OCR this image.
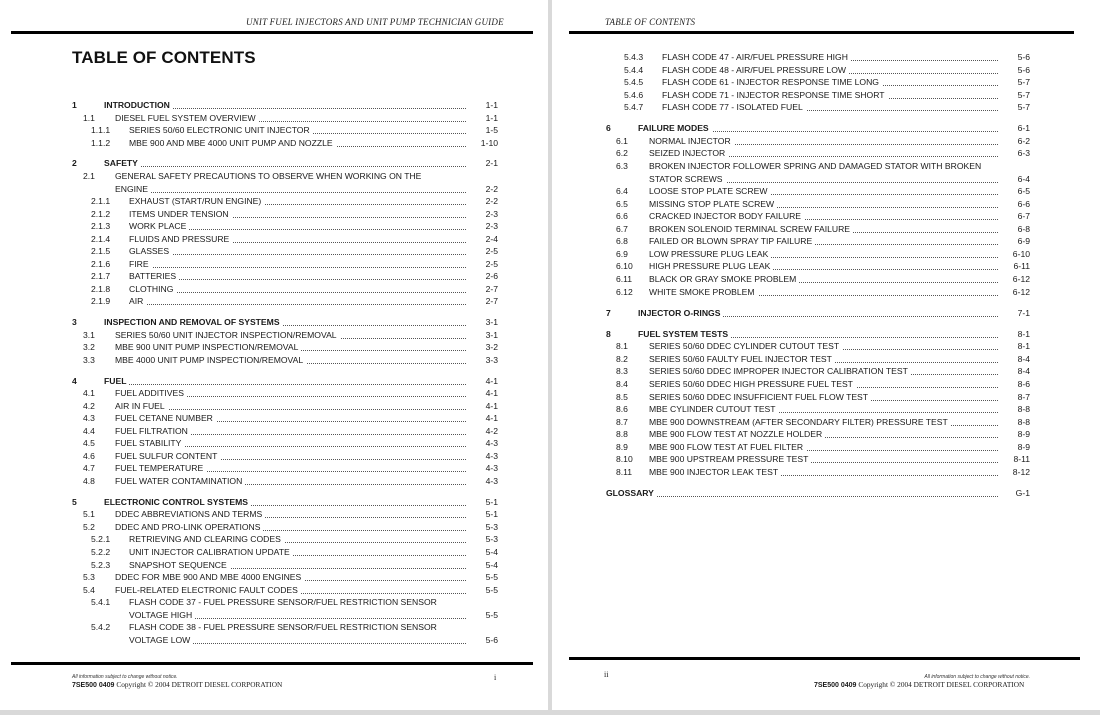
UNIT FUEL INJECTORS AND UNIT PUMP TECHNICIAN GUIDE
TABLE OF CONTENTS
1	INTRODUCTION	1-1
1.1 DIESEL FUEL SYSTEM OVERVIEW	1-1
1.1.1 SERIES 50/60 ELECTRONIC UNIT INJECTOR	1-5
1.1.2 MBE 900 AND MBE 4000 UNIT PUMP AND NOZZLE	1-10
2	SAFETY	2-1
2.1 GENERAL SAFETY PRECAUTIONS TO OBSERVE WHEN WORKING ON THE
ENGINE	2-2
2.1.1 EXHAUST (START/RUN ENGINE)	2-2
2.1.2 ITEMS UNDER TENSION	2-3
2.1.3 WORK PLACE	2-3
2.1.4 FLUIDS AND PRESSURE	2-4
2.1.5 GLASSES	2-5
2.1.6 FIRE	2-5
2.1.7 BATTERIES	2-6
2.1.8 CLOTHING	2-7
2.1.9 AIR	2-7
3	INSPECTION AND REMOVAL OF SYSTEMS	3-1
3.1 SERIES 50/60 UNIT INJECTOR INSPECTION/REMOVAL	3-1
3.2 MBE 900 UNIT PUMP INSPECTION/REMOVAL	3-2
3.3 MBE 4000 UNIT PUMP INSPECTION/REMOVAL	3-3
4	FUEL	4-1
4.1 FUEL ADDITIVES	4-1
4.2 AIR IN FUEL	4-1
4.3 FUEL CETANE NUMBER	4-1
4.4 FUEL FILTRATION	4-2
4.5 FUEL STABILITY	4-3
4.6 FUEL SULFUR CONTENT	4-3
4.7 FUEL TEMPERATURE	4-3
4.8 FUEL WATER CONTAMINATION	4-3
5	ELECTRONIC CONTROL SYSTEMS	5-1
5.1 DDEC ABBREVIATIONS AND TERMS	5-1
5.2 DDEC AND PRO-LINK OPERATIONS	5-3
5.2.1 RETRIEVING AND CLEARING CODES	5-3
5.2.2 UNIT INJECTOR CALIBRATION UPDATE	5-4
5.2.3 SNAPSHOT SEQUENCE	5-4
5.3 DDEC FOR MBE 900 AND MBE 4000 ENGINES	5-5
5.4 FUEL-RELATED ELECTRONIC FAULT CODES	5-5
5.4.1 FLASH CODE 37 - FUEL PRESSURE SENSOR/FUEL RESTRICTION SENSOR
VOLTAGE HIGH	5-5
5.4.2 FLASH CODE 38 - FUEL PRESSURE SENSOR/FUEL RESTRICTION SENSOR
VOLTAGE LOW	5-6
All information subject to change without notice.
7SE500 0409 Copyright © 2004 DETROIT DIESEL CORPORATION
i
TABLE OF CONTENTS
5.4.3 FLASH CODE 47 - AIR/FUEL PRESSURE HIGH	5-6
5.4.4 FLASH CODE 48 - AIR/FUEL PRESSURE LOW	5-6
5.4.5 FLASH CODE 61 - INJECTOR RESPONSE TIME LONG	5-7
5.4.6 FLASH CODE 71 - INJECTOR RESPONSE TIME SHORT	5-7
5.4.7 FLASH CODE 77 - ISOLATED FUEL	5-7
6	FAILURE MODES	6-1
6.1 NORMAL INJECTOR	6-2
6.2 SEIZED INJECTOR	6-3
6.3 BROKEN INJECTOR FOLLOWER SPRING AND DAMAGED STATOR WITH BROKEN
STATOR SCREWS	6-4
6.4 LOOSE STOP PLATE SCREW	6-5
6.5 MISSING STOP PLATE SCREW	6-6
6.6 CRACKED INJECTOR BODY FAILURE	6-7
6.7 BROKEN SOLENOID TERMINAL SCREW FAILURE	6-8
6.8 FAILED OR BLOWN SPRAY TIP FAILURE	6-9
6.9 LOW PRESSURE PLUG LEAK	6-10
6.10 HIGH PRESSURE PLUG LEAK	6-11
6.11 BLACK OR GRAY SMOKE PROBLEM	6-12
6.12 WHITE SMOKE PROBLEM	6-12
7	INJECTOR O-RINGS	7-1
8	FUEL SYSTEM TESTS	8-1
8.1 SERIES 50/60 DDEC CYLINDER CUTOUT TEST	8-1
8.2 SERIES 50/60 FAULTY FUEL INJECTOR TEST	8-4
8.3 SERIES 50/60 DDEC IMPROPER INJECTOR CALIBRATION TEST	8-4
8.4 SERIES 50/60 DDEC HIGH PRESSURE FUEL TEST	8-6
8.5 SERIES 50/60 DDEC INSUFFICIENT FUEL FLOW TEST	8-7
8.6 MBE CYLINDER CUTOUT TEST	8-8
8.7 MBE 900 DOWNSTREAM (AFTER SECONDARY FILTER) PRESSURE TEST	8-8
8.8 MBE 900 FLOW TEST AT NOZZLE HOLDER	8-9
8.9 MBE 900 FLOW TEST AT FUEL FILTER	8-9
8.10 MBE 900 UPSTREAM PRESSURE TEST	8-11
8.11 MBE 900 INJECTOR LEAK TEST	8-12
GLOSSARY	G-1
ii	All information subject to change without notice.
7SE500 0409 Copyright © 2004 DETROIT DIESEL CORPORATION
